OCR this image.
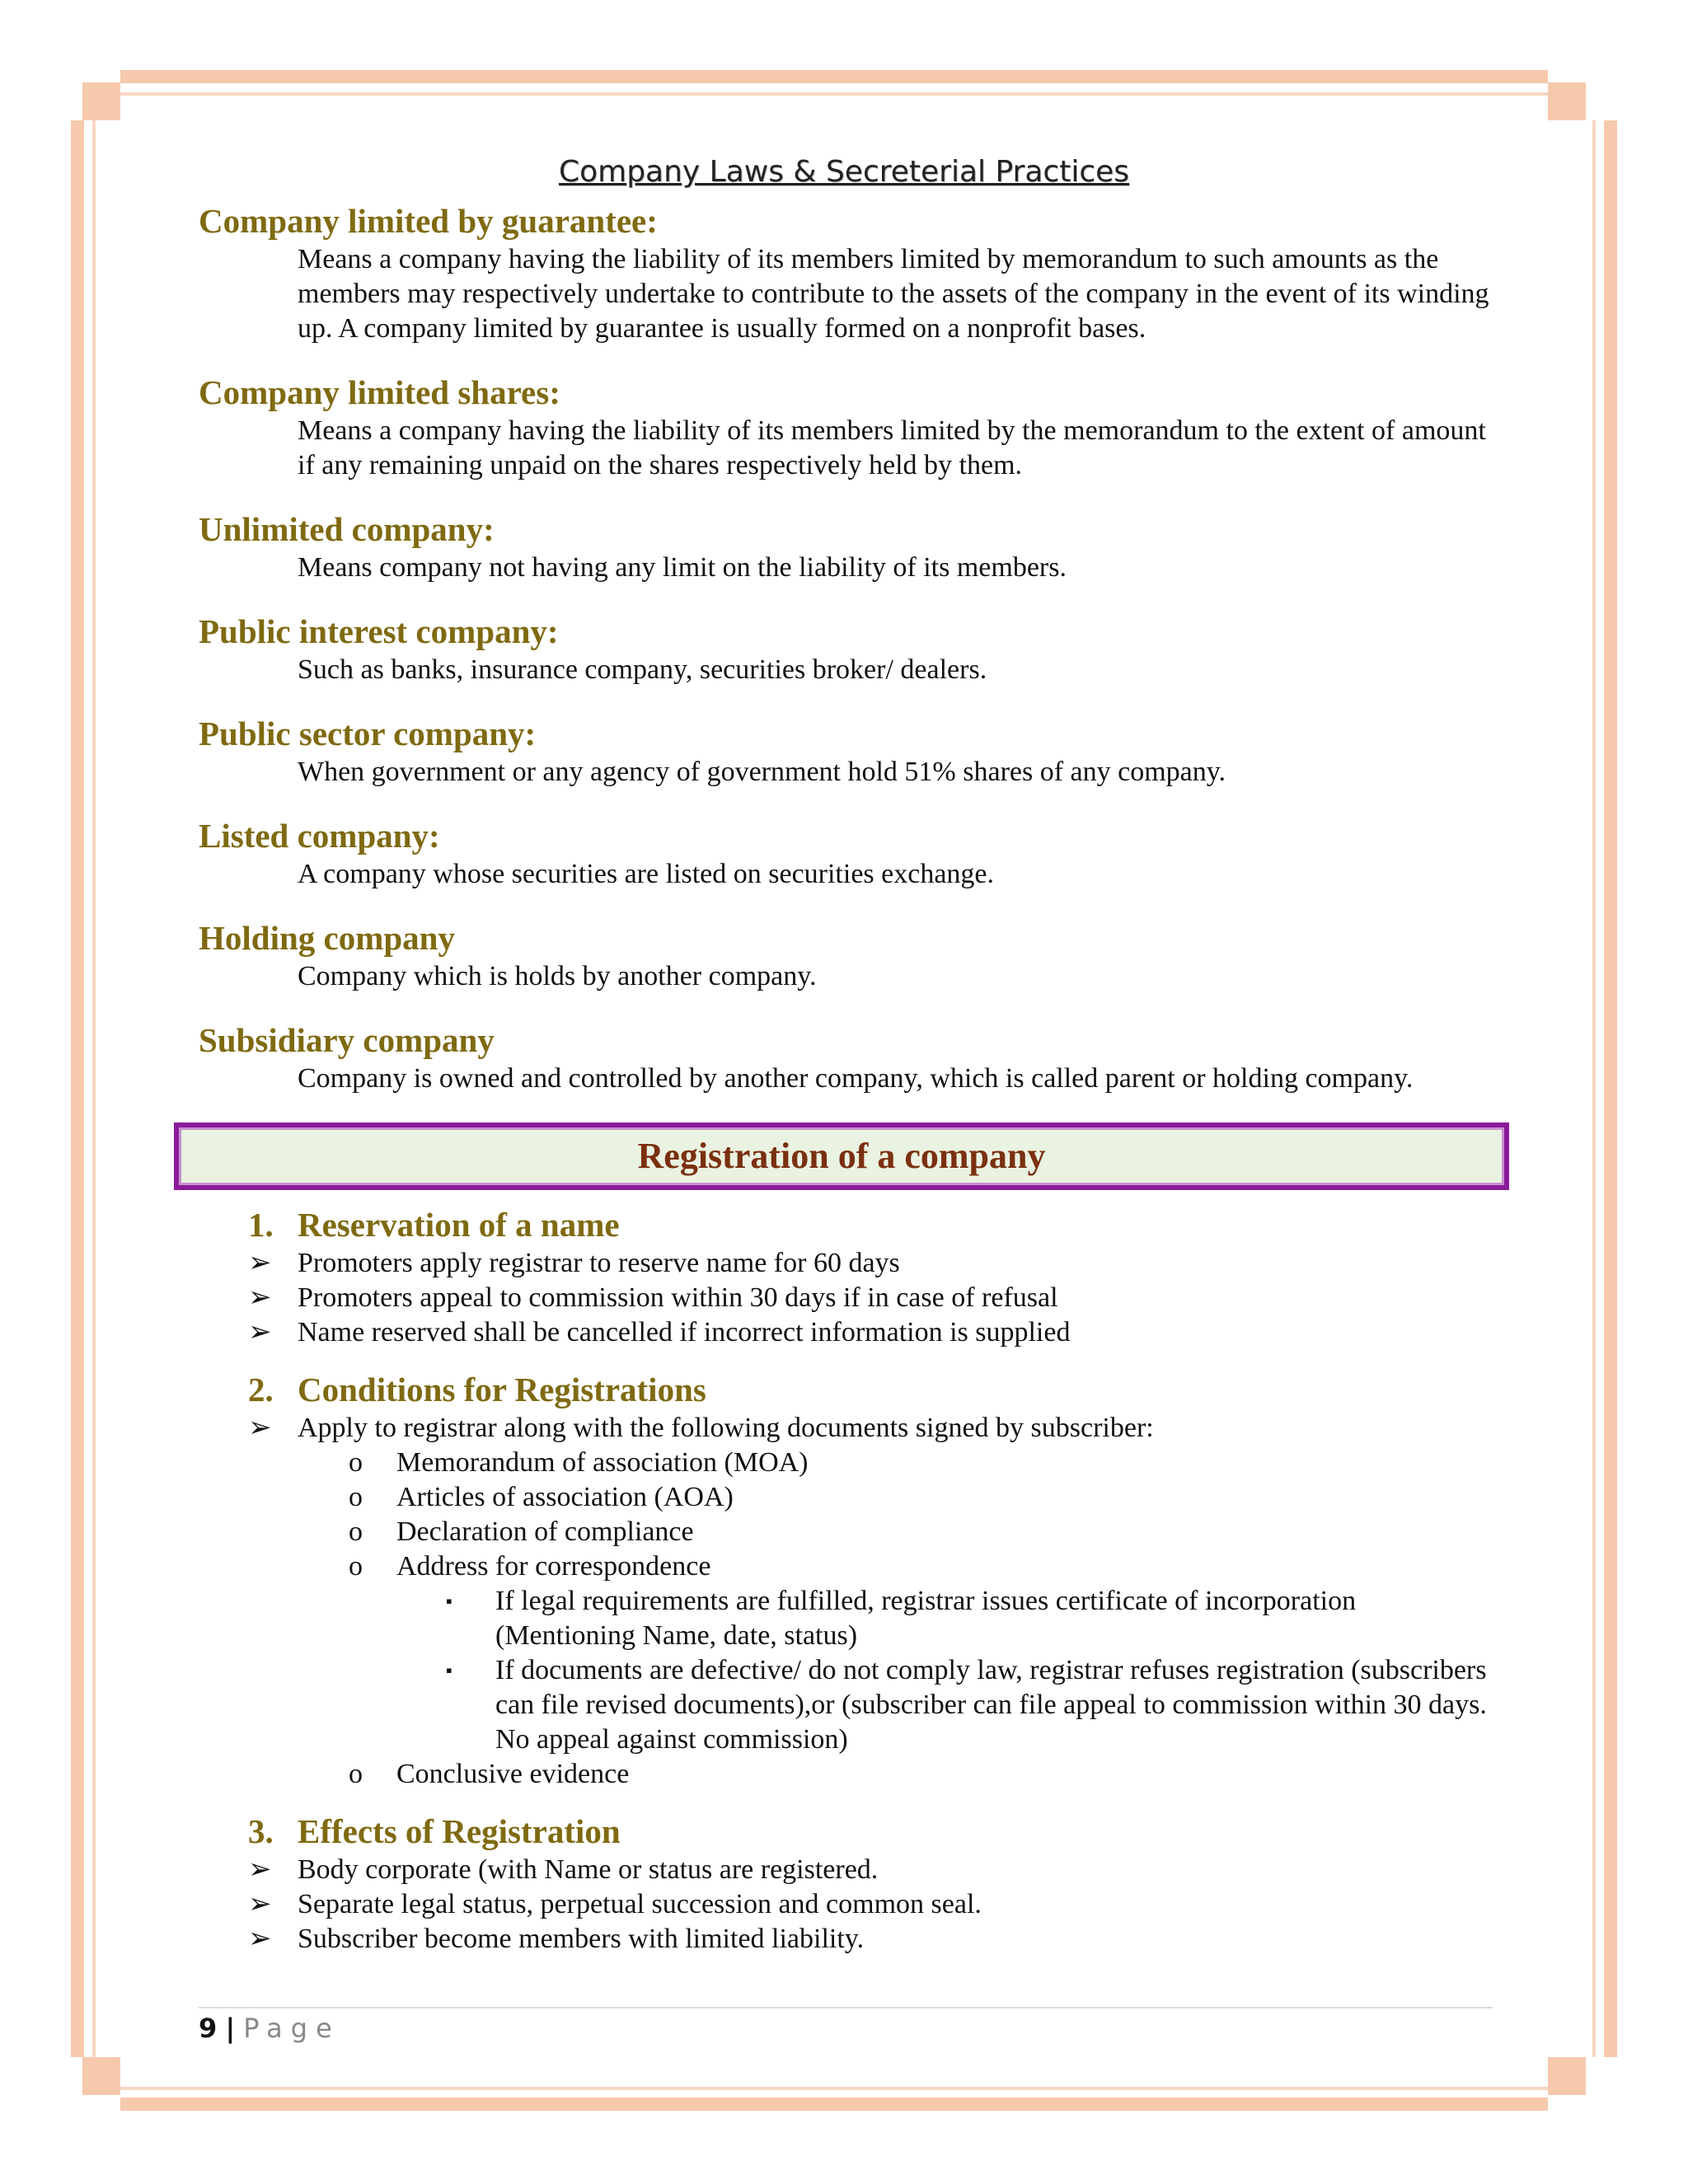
Company Laws & Secreterial Practices
Company limited by guarantee:

Means a company having the liability of its members limited by memorandum to such amounts as the members may respectively undertake to contribute to the assets of the company in the event of its winding up. A company limited by guarantee is usually formed on a nonprofit bases.

Company limited shares:

Means a company having the liability of its members limited by the memorandum to the extent of amount if any remaining unpaid on the shares respectively held by them.

Unlimited company:

Means company not having any limit on the liability of its members.

Public interest company:

Such as banks, insurance company, securities broker/ dealers.

Public sector company:

When government or any agency of government hold 51% shares of any company.

Listed company:

A company whose securities are listed on securities exchange.

Holding company

Company which is holds by another company.

Subsidiary company

Company is owned and controlled by another company, which is called parent or holding company.

Registration of a company
1. Reservation of a name
➢ Promoters apply registrar to reserve name for 60 days
➢ Promoters appeal to commission within 30 days if in case of refusal
➢ Name reserved shall be cancelled if incorrect information is supplied
2. Conditions for Registrations
➢ Apply to registrar along with the following documents signed by subscriber:
o Memorandum of association (MOA)
o Articles of association (AOA)
o Declaration of compliance
o Address for correspondence
▪ If legal requirements are fulfilled, registrar issues certificate of incorporation (Mentioning Name, date, status)
▪ If documents are defective/ do not comply law, registrar refuses registration (subscribers can file revised documents),or (subscriber can file appeal to commission within 30 days. No appeal against commission)
o Conclusive evidence
3. Effects of Registration
➢ Body corporate (with Name or status are registered.
➢ Separate legal status, perpetual succession and common seal.
➢ Subscriber become members with limited liability.
9 | Page
